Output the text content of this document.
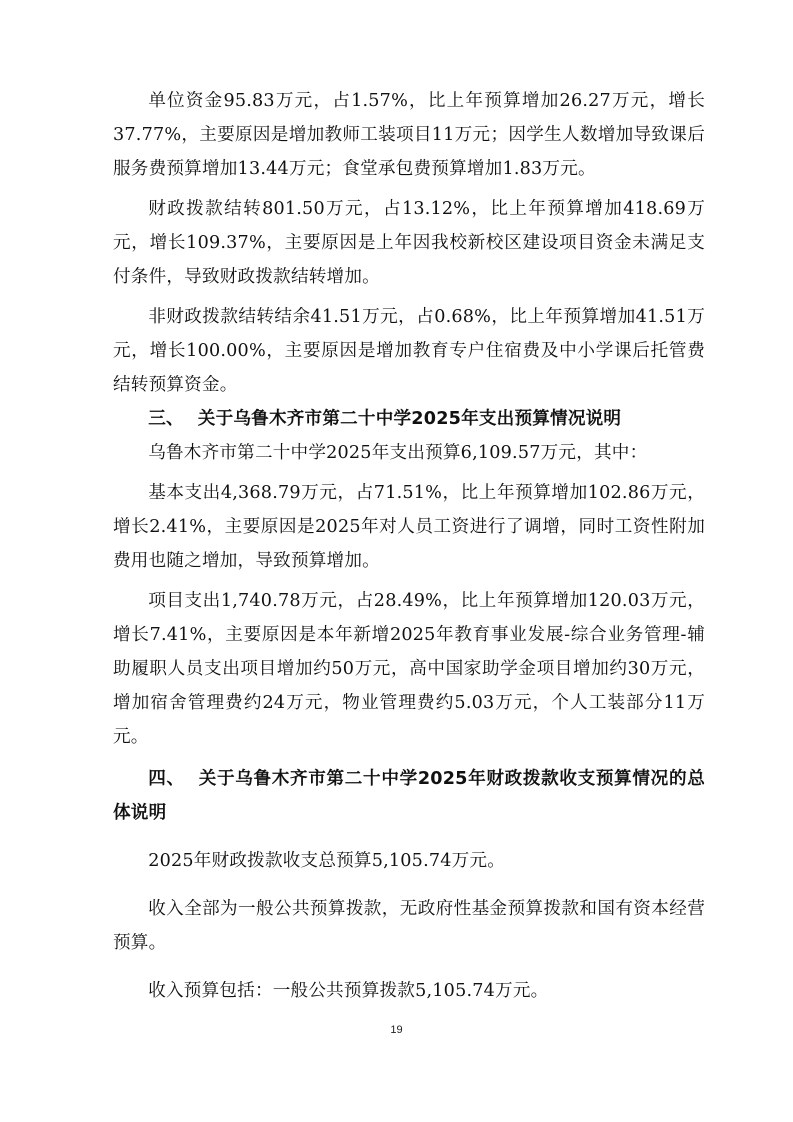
单位资金95.83万元，占1.57%，比上年预算增加26.27万元，增长37.77%，主要原因是增加教师工装项目11万元；因学生人数增加导致课后服务费预算增加13.44万元；食堂承包费预算增加1.83万元。

财政拨款结转801.50万元，占13.12%，比上年预算增加418.69万元，增长109.37%，主要原因是上年因我校新校区建设项目资金未满足支付条件，导致财政拨款结转增加。

非财政拨款结转结余41.51万元，占0.68%，比上年预算增加41.51万元，增长100.00%，主要原因是增加教育专户住宿费及中小学课后托管费结转预算资金。

三、 关于乌鲁木齐市第二十中学2025年支出预算情况说明

乌鲁木齐市第二十中学2025年支出预算6,109.57万元，其中：

基本支出4,368.79万元，占71.51%，比上年预算增加102.86万元，增长2.41%，主要原因是2025年对人员工资进行了调增，同时工资性附加费用也随之增加，导致预算增加。

项目支出1,740.78万元，占28.49%，比上年预算增加120.03万元，增长7.41%，主要原因是本年新增2025年教育事业发展-综合业务管理-辅助履职人员支出项目增加约50万元，高中国家助学金项目增加约30万元，增加宿舍管理费约24万元，物业管理费约5.03万元，个人工装部分11万元。

四、 关于乌鲁木齐市第二十中学2025年财政拨款收支预算情况的总体说明

2025年财政拨款收支总预算5,105.74万元。

收入全部为一般公共预算拨款，无政府性基金预算拨款和国有资本经营预算。

收入预算包括：一般公共预算拨款5,105.74万元。

19
